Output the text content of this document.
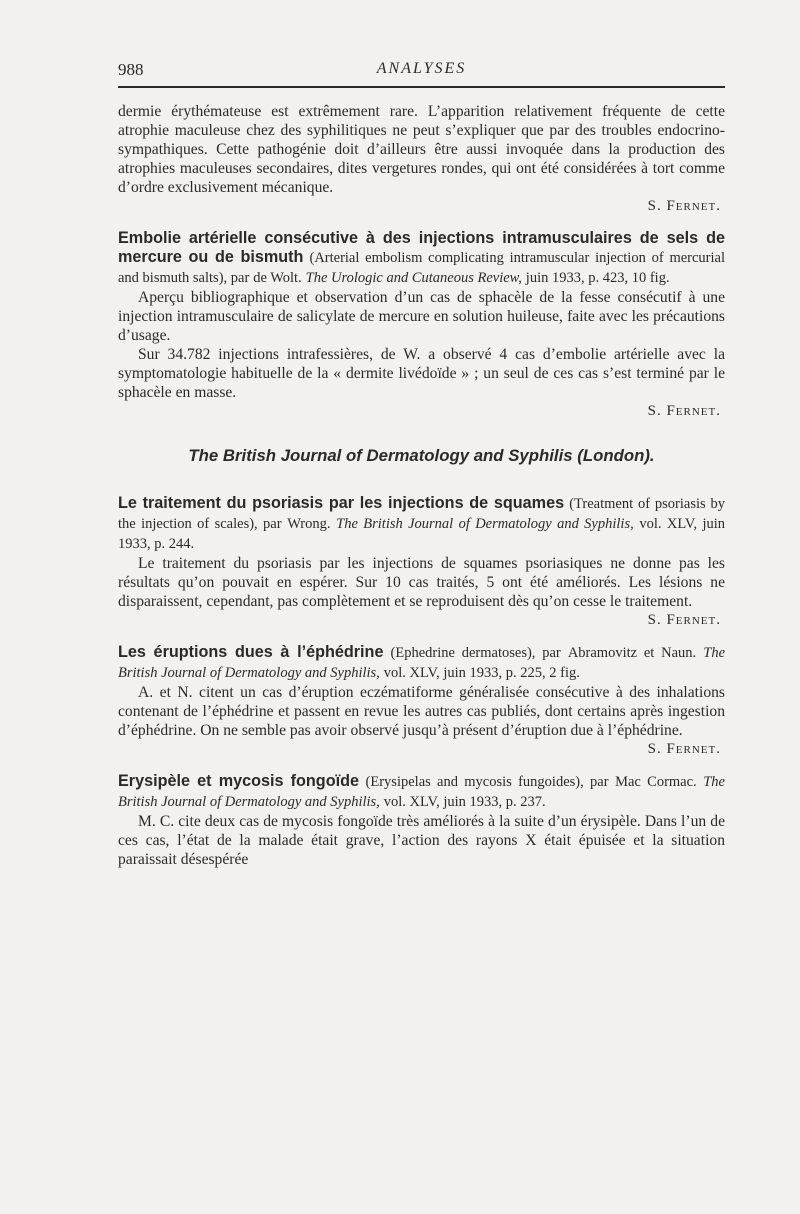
988	ANALYSES

dermie érythémateuse est extrêmement rare. L’apparition relativement fréquente de cette atrophie maculeuse chez des syphilitiques ne peut s’expliquer que par des troubles endocrino-sympathiques. Cette pathogénie doit d’ailleurs être aussi invoquée dans la production des atrophies maculeuses secondaires, dites vergetures rondes, qui ont été considérées à tort comme d’ordre exclusivement mécanique.

S. Fernet.

Embolie artérielle consécutive à des injections intramusculaires de sels de mercure ou de bismuth (Arterial embolism complicating intramuscular injection of mercurial and bismuth salts), par de Wolt. The Urologic and Cutaneous Review, juin 1933, p. 423, 10 fig.

Aperçu bibliographique et observation d’un cas de sphacèle de la fesse consécutif à une injection intramusculaire de salicylate de mercure en solution huileuse, faite avec les précautions d’usage.

Sur 34.782 injections intrafessières, de W. a observé 4 cas d’embolie artérielle avec la symptomatologie habituelle de la « dermite livédoïde » ; un seul de ces cas s’est terminé par le sphacèle en masse.

S. Fernet.
The British Journal of Dermatology and Syphilis (London).

Le traitement du psoriasis par les injections de squames (Treatment of psoriasis by the injection of scales), par Wrong. The British Journal of Dermatology and Syphilis, vol. XLV, juin 1933, p. 244.

Le traitement du psoriasis par les injections de squames psoriasiques ne donne pas les résultats qu’on pouvait en espérer. Sur 10 cas traités, 5 ont été améliorés. Les lésions ne disparaissent, cependant, pas complètement et se reproduisent dès qu’on cesse le traitement.

S. Fernet.

Les éruptions dues à l’éphédrine (Ephedrine dermatoses), par Abramovitz et Naun. The British Journal of Dermatology and Syphilis, vol. XLV, juin 1933, p. 225, 2 fig.

A. et N. citent un cas d’éruption eczématiforme généralisée consécutive à des inhalations contenant de l’éphédrine et passent en revue les autres cas publiés, dont certains après ingestion d’éphédrine. On ne semble pas avoir observé jusqu’à présent d’éruption due à l’éphédrine.

S. Fernet.

Erysipèle et mycosis fongoïde (Erysipelas and mycosis fungoides), par Mac Cormac. The British Journal of Dermatology and Syphilis, vol. XLV, juin 1933, p. 237.

M. C. cite deux cas de mycosis fongoïde très améliorés à la suite d’un érysipèle. Dans l’un de ces cas, l’état de la malade était grave, l’action des rayons X était épuisée et la situation paraissait désespérée
